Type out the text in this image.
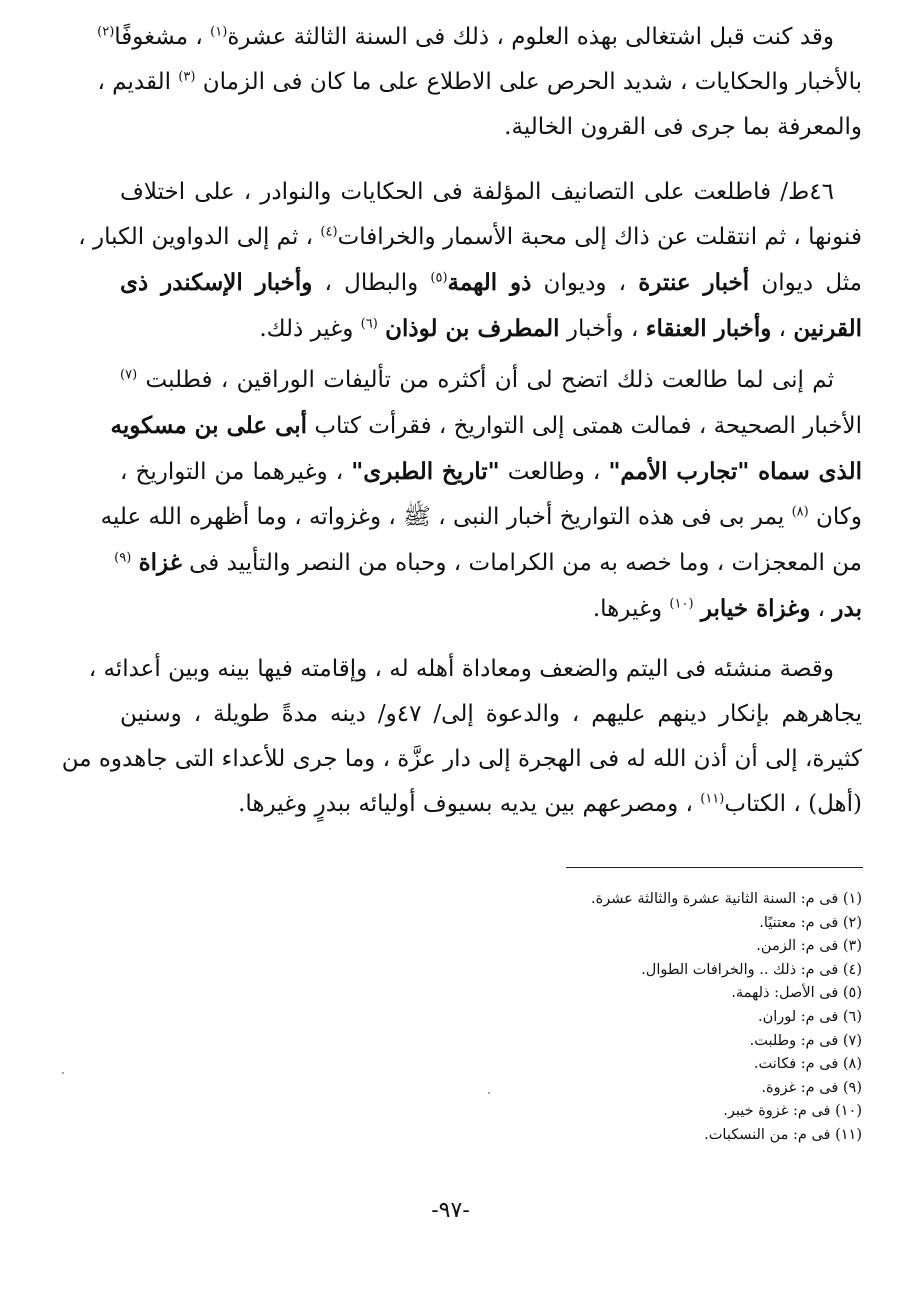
وقد كنت قبل اشتغالى بهذه العلوم ، ذلك فى السنة الثالثة عشرة$^{(١)}$ ، مشغوفًا$^{(٢)}$
بالأخبار والحكايات ، شديد الحرص على الاطلاع على ما كان فى الزمان $^{(٣)}$ القديم ،
والمعرفة بما جرى فى القرون الخالية.
٤٦ط/ فاطلعت على التصانيف المؤلفة فى الحكايات والنوادر ، على اختلاف
فنونها ، ثم انتقلت عن ذاك إلى محبة الأسمار والخرافات$^{(٤)}$ ، ثم إلى الدواوين الكبار ،
مثل ديوان أخبار عنترة ، وديوان ذو الهمة$^{(٥)}$ والبطال ، وأخبار الإسكندر ذى
القرنين ، وأخبار العنقاء ، وأخبار المطرف بن لوذان $^{(٦)}$ وغير ذلك.
ثم إنى لما طالعت ذلك اتضح لى أن أكثره من تأليفات الوراقين ، فطلبت $^{(٧)}$
الأخبار الصحيحة ، فمالت همتى إلى التواريخ ، فقرأت كتاب أبى على بن مسكويه
الذى سماه "تجارب الأمم" ، وطالعت "تاريخ الطبرى" ، وغيرهما من التواريخ ،
وكان $^{(٨)}$ يمر بى فى هذه التواريخ أخبار النبى ، ﷺ ، وغزواته ، وما أظهره الله عليه
من المعجزات ، وما خصه به من الكرامات ، وحباه من النصر والتأييد فى غزاة $^{(٩)}$
بدر ، وغزاة خيابر $^{(١٠)}$ وغيرها.
وقصة منشئه فى اليتم والضعف ومعاداة أهله له ، وإقامته فيها بينه وبين أعدائه ،
يجاهرهم بإنكار دينهم عليهم ، والدعوة إلى/ ٤٧و/ دينه مدةً طويلة ، وسنين
كثيرة، إلى أن أذن الله له فى الهجرة إلى دار عزَّة ، وما جرى للأعداء التى جاهدوه من
(أهل) ، الكتاب$^{(١١)}$ ، ومصرعهم بين يديه بسيوف أوليائه ببدرٍ وغيرها.
(١) فى م: السنة الثانية عشرة والثالثة عشرة.
(٢) فى م: معتنيًا.
(٣) فى م: الزمن.
(٤) فى م: ذلك .. والخرافات الطوال.
(٥) فى الأصل: ذلهمة.
(٦) فى م: لوران.
(٧) فى م: وطلبت.
(٨) فى م: فكانت.
(٩) فى م: غزوة.
(١٠) فى م: غزوة خيبر.
(١١) فى م: من النسكبات.
-٩٧-
